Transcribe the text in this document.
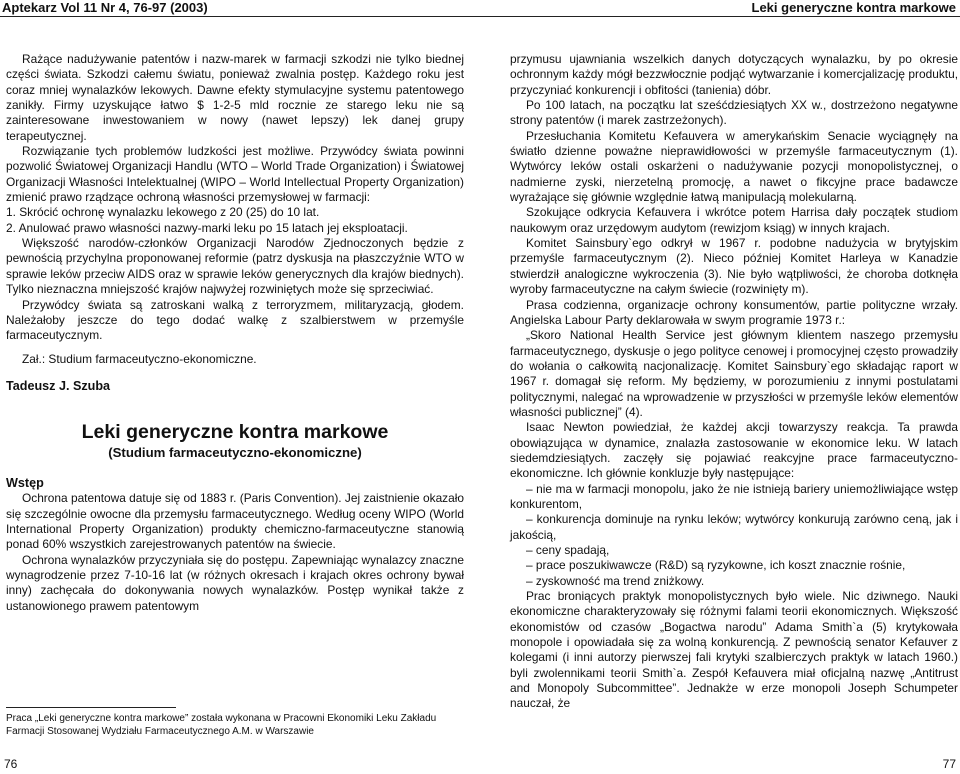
Aptekarz Vol 11 Nr 4, 76-97 (2003)	Leki generyczne kontra markowe

Rażące nadużywanie patentów i nazw-marek w farmacji szkodzi nie tylko biednej części świata. Szkodzi całemu światu, ponieważ zwalnia postęp. Każdego roku jest coraz mniej wynalazków lekowych. Dawne efekty stymulacyjne systemu patentowego zanikły. Firmy uzyskujące łatwo $ 1-2-5 mld rocznie ze starego leku nie są zainteresowane inwestowaniem w nowy (nawet lepszy) lek danej grupy terapeutycznej.

Rozwiązanie tych problemów ludzkości jest możliwe. Przywódcy świata powinni pozwolić Światowej Organizacji Handlu (WTO – World Trade Organization) i Światowej Organizacji Własności Intelektualnej (WIPO – World Intellectual Property Organization) zmienić prawo rządzące ochroną własności przemysłowej w farmacji:

1. Skrócić ochronę wynalazku lekowego z 20 (25) do 10 lat.

2. Anulować prawo własności nazwy-marki leku po 15 latach jej eksploatacji.

Większość narodów-członków Organizacji Narodów Zjednoczonych będzie z pewnością przychylna proponowanej reformie (patrz dyskusja na płaszczyźnie WTO w sprawie leków przeciw AIDS oraz w sprawie leków generycznych dla krajów biednych). Tylko nieznaczna mniejszość krajów najwyżej rozwiniętych może się sprzeciwiać.

Przywódcy świata są zatroskani walką z terroryzmem, militaryzacją, głodem. Należałoby jeszcze do tego dodać walkę z szalbierstwem w przemyśle farmaceutycznym.

Zał.: Studium farmaceutyczno-ekonomiczne.

Tadeusz J. Szuba

Leki generyczne kontra markowe

(Studium farmaceutyczno-ekonomiczne)

Wstęp

Ochrona patentowa datuje się od 1883 r. (Paris Convention). Jej zaistnienie okazało się szczególnie owocne dla przemysłu farmaceutycznego. Według oceny WIPO (World International Property Organization) produkty chemiczno-farmaceutyczne stanowią ponad 60% wszystkich zarejestrowanych patentów na świecie.

Ochrona wynalazków przyczyniała się do postępu. Zapewniając wynalazcy znaczne wynagrodzenie przez 7-10-16 lat (w różnych okresach i krajach okres ochrony bywał inny) zachęcała do dokonywania nowych wynalazków. Postęp wynikał także z ustanowionego prawem patentowym

Praca „Leki generyczne kontra markowe” została wykonana w Pracowni Ekonomiki Leku Zakładu Farmacji Stosowanej Wydziału Farmaceutycznego A.M. w Warszawie

przymusu ujawniania wszelkich danych dotyczących wynalazku, by po okresie ochronnym każdy mógł bezzwłocznie podjąć wytwarzanie i komercjalizację produktu, przyczyniać konkurencji i obfitości (tanienia) dóbr.

Po 100 latach, na początku lat sześćdziesiątych XX w., dostrzeżono negatywne strony patentów (i marek zastrzeżonych).

Przesłuchania Komitetu Kefauvera w amerykańskim Senacie wyciągnęły na światło dzienne poważne nieprawidłowości w przemyśle farmaceutycznym (1). Wytwórcy leków ostali oskarżeni o nadużywanie pozycji monopolistycznej, o nadmierne zyski, nierzetelną promocję, a nawet o fikcyjne prace badawcze wyrażające się głównie względnie łatwą manipulacją molekularną.

Szokujące odkrycia Kefauvera i wkrótce potem Harrisa dały początek studiom naukowym oraz urzędowym audytom (rewizjom ksiąg) w innych krajach.

Komitet Sainsbury`ego odkrył w 1967 r. podobne nadużycia w brytyjskim przemyśle farmaceutycznym (2). Nieco później Komitet Harleya w Kanadzie stwierdził analogiczne wykroczenia (3). Nie było wątpliwości, że choroba dotknęła wyroby farmaceutyczne na całym świecie (rozwinięty m).

Prasa codzienna, organizacje ochrony konsumentów, partie polityczne wrzały. Angielska Labour Party deklarowała w swym programie 1973 r.:

„Skoro National Health Service jest głównym klientem naszego przemysłu farmaceutycznego, dyskusje o jego polityce cenowej i promocyjnej często prowadziły do wołania o całkowitą nacjonalizację. Komitet Sainsbury`ego składając raport w 1967 r. domagał się reform. My będziemy, w porozumieniu z innymi postulatami politycznymi, nalegać na wprowadzenie w przyszłości w przemyśle leków elementów własności publicznej” (4).

Isaac Newton powiedział, że każdej akcji towarzyszy reakcja. Ta prawda obowiązująca w dynamice, znalazła zastosowanie w ekonomice leku. W latach siedemdziesiątych. zaczęły się pojawiać reakcyjne prace farmaceutyczno-ekonomiczne. Ich głównie konkluzje były następujące:

– nie ma w farmacji monopolu, jako że nie istnieją bariery uniemożliwiające wstęp konkurentom,

– konkurencja dominuje na rynku leków; wytwórcy konkurują zarówno ceną, jak i jakością,

– ceny spadają,

– prace poszukiwawcze (R&D) są ryzykowne, ich koszt znacznie rośnie,

– zyskowność ma trend zniżkowy.

Prac broniących praktyk monopolistycznych było wiele. Nic dziwnego. Nauki ekonomiczne charakteryzowały się różnymi falami teorii ekonomicznych. Większość ekonomistów od czasów „Bogactwa narodu” Adama Smith`a (5) krytykowała monopole i opowiadała się za wolną konkurencją. Z pewnością senator Kefauver z kolegami (i inni autorzy pierwszej fali krytyki szalbierczych praktyk w latach 1960.) byli zwolennikami teorii Smith`a. Zespół Kefauvera miał oficjalną nazwę „Antitrust and Monopoly Subcommittee”. Jednakże w erze monopoli Joseph Schumpeter nauczał, że

76	77
